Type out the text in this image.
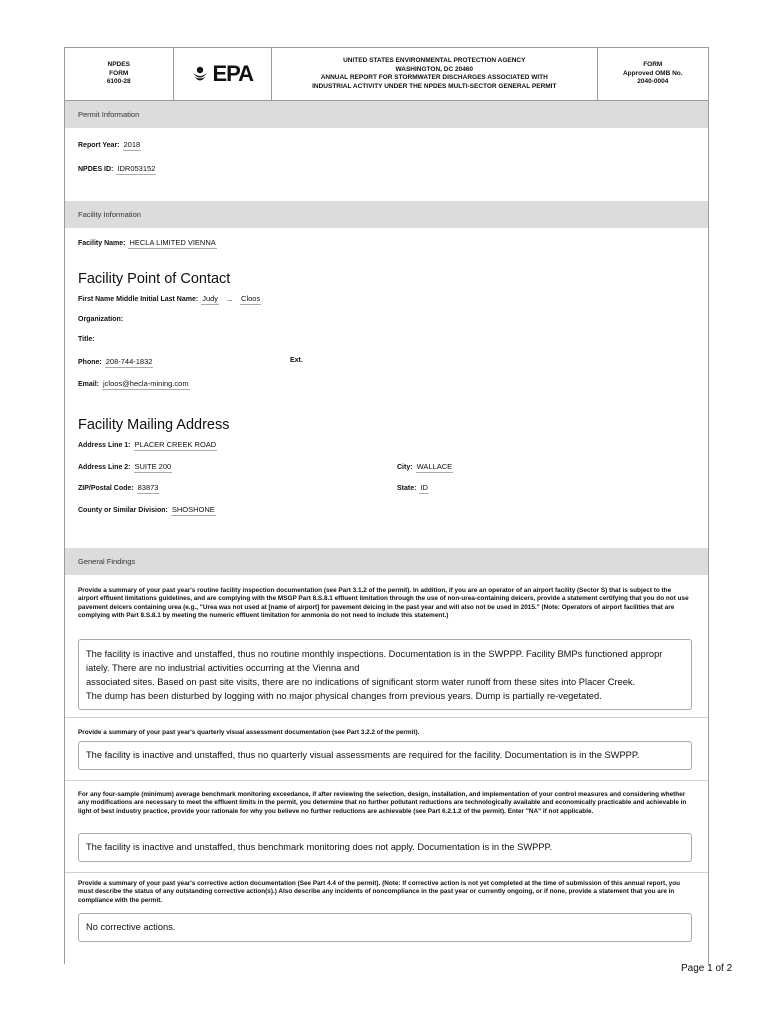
NPDES
FORM
6100-28	EPA
UNITED STATES ENVIRONMENTAL PROTECTION AGENCY
WASHINGTON, DC 20460
ANNUAL REPORT FOR STORMWATER DISCHARGES ASSOCIATED WITH
INDUSTRIAL ACTIVITY UNDER THE NPDES MULTI-SECTOR GENERAL PERMIT
FORM
Approved OMB No.
2040-0004
Permit Information
Report Year: 2018
NPDES ID: IDR053152
Facility Information
Facility Name: HECLA LIMITED VIENNA
Facility Point of Contact
First Name Middle Initial Last Name: Judy	Cloos
Organization:
Title:
Phone: 208-744-1832	Ext.
Email: jcloos@hecla-mining.com
Facility Mailing Address
Address Line 1: PLACER CREEK ROAD
Address Line 2: SUITE 200	City: WALLACE
ZIP/Postal Code: 83873	State: ID
County or Similar Division: SHOSHONE
General Findings
Provide a summary of your past year's routine facility inspection documentation (see Part 3.1.2 of the permit). In addition, if you are an operator of an airport facility (Sector S) that is subject to the airport effluent limitations guidelines, and are complying with the MSGP Part 8.S.8.1 effluent limitation through the use of non-urea-containing deicers, provide a statement certifying that you do not use pavement deicers containing urea (e.g., "Urea was not used at [name of airport] for pavement deicing in the past year and will also not be used in 2015." (Note: Operators of airport facilities that are complying with Part 8.S.8.1 by meeting the numeric effluent limitation for ammonia do not need to include this statement.)
The facility is inactive and unstaffed, thus no routine monthly inspections. Documentation is in the SWPPP. Facility BMPs functioned appropr
iately. There are no industrial activities occurring at the Vienna and
associated sites. Based on past site visits, there are no indications of significant storm water runoff from these sites into Placer Creek.
The dump has been disturbed by logging with no major physical changes from previous years. Dump is partially re-vegetated.
Provide a summary of your past year's quarterly visual assessment documentation (see Part 3.2.2 of the permit).
The facility is inactive and unstaffed, thus no quarterly visual assessments are required for the facility. Documentation is in the SWPPP.
For any four-sample (minimum) average benchmark monitoring exceedance, if after reviewing the selection, design, installation, and implementation of your control measures and considering whether any modifications are necessary to meet the effluent limits in the permit, you determine that no further pollutant reductions are technologically available and economically practicable and achievable in light of best industry practice, provide your rationale for why you believe no further reductions are achievable (see Part 6.2.1.2 of the permit). Enter "NA" if not applicable.
The facility is inactive and unstaffed, thus benchmark monitoring does not apply. Documentation is in the SWPPP.
Provide a summary of your past year's corrective action documentation (See Part 4.4 of the permit). (Note: If corrective action is not yet completed at the time of submission of this annual report, you must describe the status of any outstanding corrective action(s).) Also describe any incidents of noncompliance in the past year or currently ongoing, or if none, provide a statement that you are in compliance with the permit.
No corrective actions.
Page 1 of 2
